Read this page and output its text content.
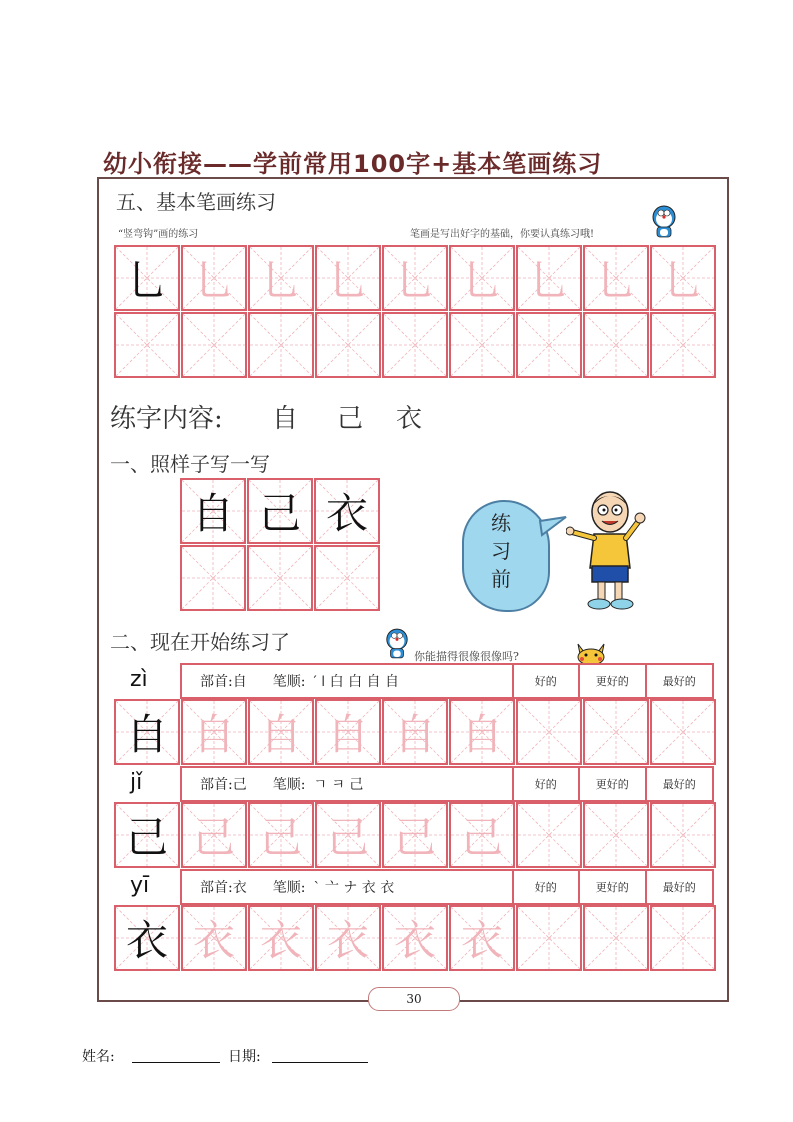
幼小衔接——学前常用100字+基本笔画练习
五、基本笔画练习
“竖弯钩”画的练习	笔画是写出好字的基础，你要认真练习哦!
乚 乚 乚 乚 乚 乚 乚 乚 乚
练字内容: 自 己 衣
一、照样子写一写
自 己 衣	练习前
二、现在开始练习了
你能描得很像很像吗?
zì	部首:自 笔顺: ′ ǀ 白 白 自 自	好的	更好的	最好的
自 自 自 自 自 自
jǐ	部首:己 笔顺: ㄱ ㅋ 己	好的	更好的	最好的
己 己 己 己 己 己
yī	部首:衣 笔顺: ` 亠 ナ 衣 衣	好的	更好的	最好的
衣 衣 衣 衣 衣 衣
30
姓名:	日期:
